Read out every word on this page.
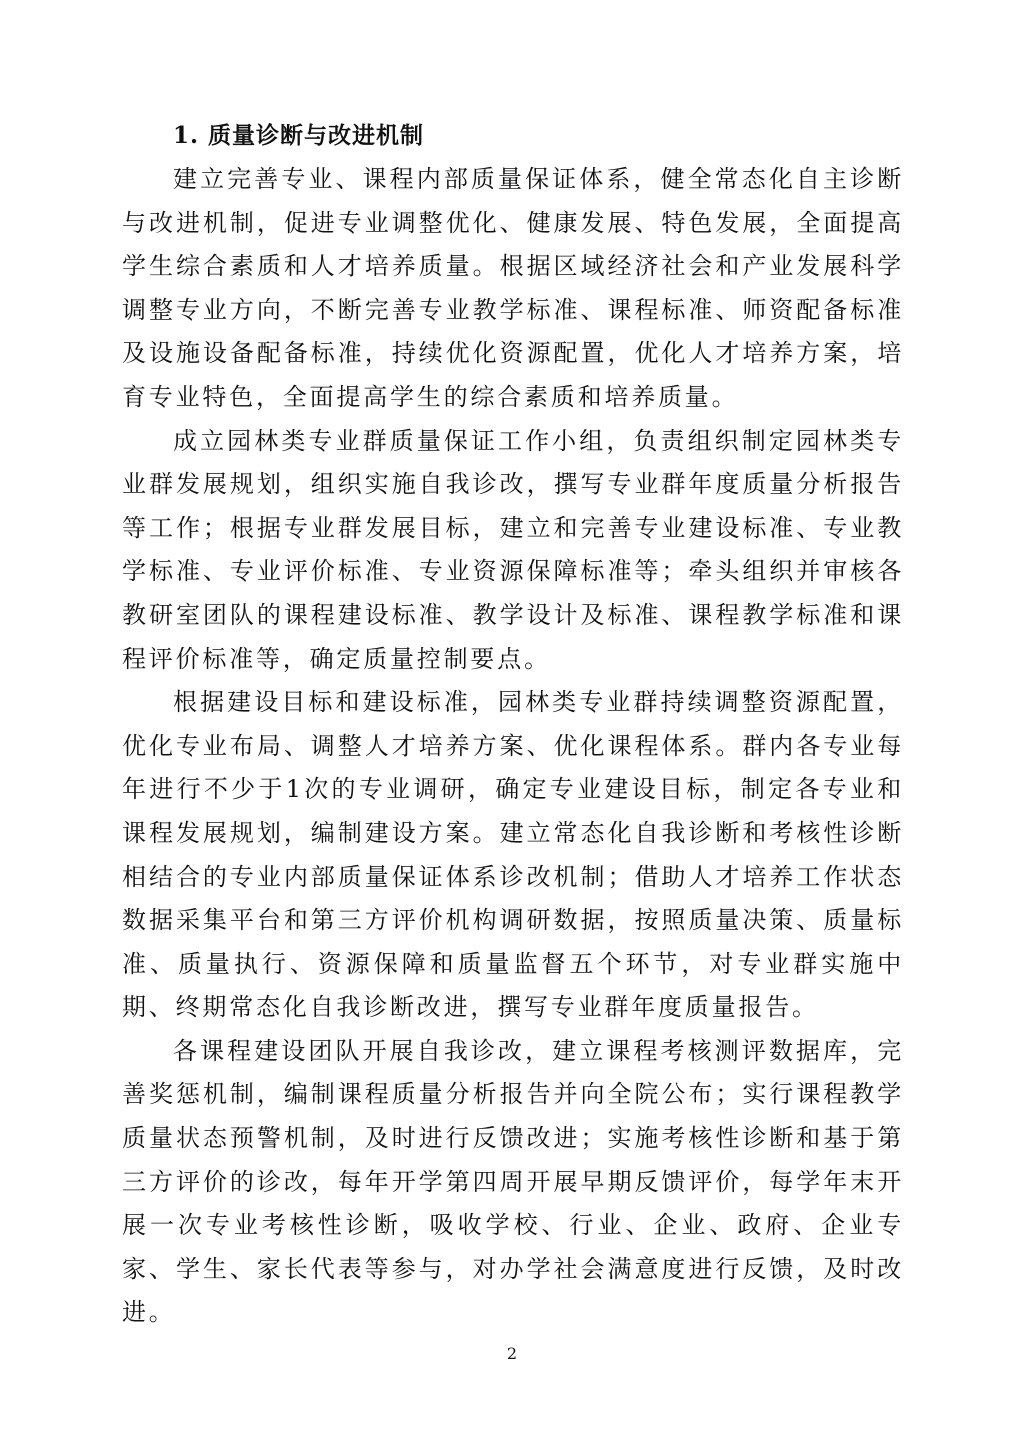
1. 质量诊断与改进机制

建立完善专业、课程内部质量保证体系，健全常态化自主诊断与改进机制，促进专业调整优化、健康发展、特色发展，全面提高学生综合素质和人才培养质量。根据区域经济社会和产业发展科学调整专业方向，不断完善专业教学标准、课程标准、师资配备标准及设施设备配备标准，持续优化资源配置，优化人才培养方案，培育专业特色，全面提高学生的综合素质和培养质量。

成立园林类专业群质量保证工作小组，负责组织制定园林类专业群发展规划，组织实施自我诊改，撰写专业群年度质量分析报告等工作；根据专业群发展目标，建立和完善专业建设标准、专业教学标准、专业评价标准、专业资源保障标准等；牵头组织并审核各教研室团队的课程建设标准、教学设计及标准、课程教学标准和课程评价标准等，确定质量控制要点。

根据建设目标和建设标准，园林类专业群持续调整资源配置，优化专业布局、调整人才培养方案、优化课程体系。群内各专业每年进行不少于1次的专业调研，确定专业建设目标，制定各专业和课程发展规划，编制建设方案。建立常态化自我诊断和考核性诊断相结合的专业内部质量保证体系诊改机制；借助人才培养工作状态数据采集平台和第三方评价机构调研数据，按照质量决策、质量标准、质量执行、资源保障和质量监督五个环节，对专业群实施中期、终期常态化自我诊断改进，撰写专业群年度质量报告。

各课程建设团队开展自我诊改，建立课程考核测评数据库，完善奖惩机制，编制课程质量分析报告并向全院公布；实行课程教学质量状态预警机制，及时进行反馈改进；实施考核性诊断和基于第三方评价的诊改，每年开学第四周开展早期反馈评价，每学年末开展一次专业考核性诊断，吸收学校、行业、企业、政府、企业专家、学生、家长代表等参与，对办学社会满意度进行反馈，及时改进。

2
